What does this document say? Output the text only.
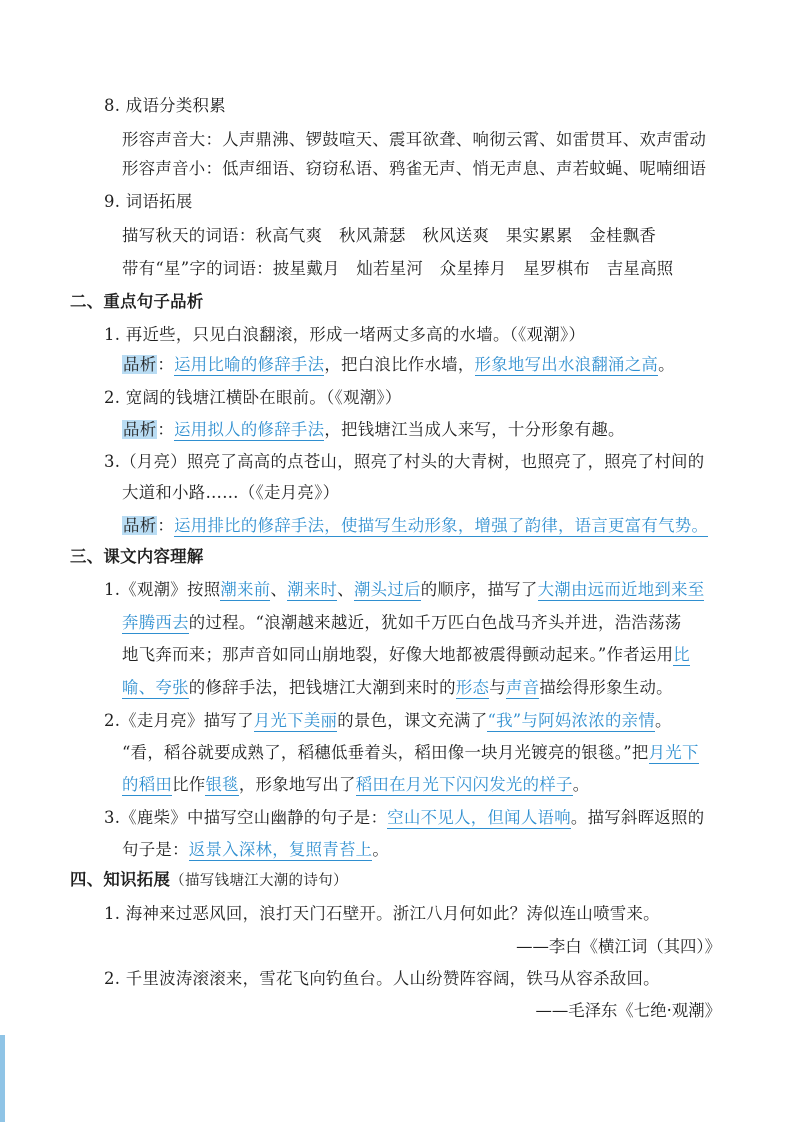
8. 成语分类积累
形容声音大：人声鼎沸、锣鼓喧天、震耳欲聋、响彻云霄、如雷贯耳、欢声雷动
形容声音小：低声细语、窃窃私语、鸦雀无声、悄无声息、声若蚊蝇、呢喃细语
9. 词语拓展
描写秋天的词语：秋高气爽　秋风萧瑟　秋风送爽　果实累累　金桂飘香
带有“星”字的词语：披星戴月　灿若星河　众星捧月　星罗棋布　吉星高照
二、重点句子品析
1. 再近些，只见白浪翻滚，形成一堵两丈多高的水墙。（《观潮》）
品析：运用比喻的修辞手法，把白浪比作水墙，形象地写出水浪翻涌之高。
2. 宽阔的钱塘江横卧在眼前。（《观潮》）
品析：运用拟人的修辞手法，把钱塘江当成人来写，十分形象有趣。
3.（月亮）照亮了高高的点苍山，照亮了村头的大青树，也照亮了，照亮了村间的
大道和小路……（《走月亮》）
品析：运用排比的修辞手法，使描写生动形象，增强了韵律，语言更富有气势。
三、课文内容理解
1.《观潮》按照潮来前、潮来时、潮头过后的顺序，描写了大潮由远而近地到来至
奔腾西去的过程。“浪潮越来越近，犹如千万匹白色战马齐头并进，浩浩荡荡
地飞奔而来；那声音如同山崩地裂，好像大地都被震得颤动起来。”作者运用比
喻、夸张的修辞手法，把钱塘江大潮到来时的形态与声音描绘得形象生动。
2.《走月亮》描写了月光下美丽的景色，课文充满了“我”与阿妈浓浓的亲情。
“看，稻谷就要成熟了，稻穗低垂着头，稻田像一块月光镀亮的银毯。”把月光下
的稻田比作银毯，形象地写出了稻田在月光下闪闪发光的样子。
3.《鹿柴》中描写空山幽静的句子是：空山不见人，但闻人语响。描写斜晖返照的
句子是：返景入深林，复照青苔上。
四、知识拓展（描写钱塘江大潮的诗句）
1. 海神来过恶风回，浪打天门石壁开。浙江八月何如此？涛似连山喷雪来。
——李白《横江词（其四）》
2. 千里波涛滚滚来，雪花飞向钓鱼台。人山纷赞阵容阔，铁马从容杀敌回。
——毛泽东《七绝·观潮》
